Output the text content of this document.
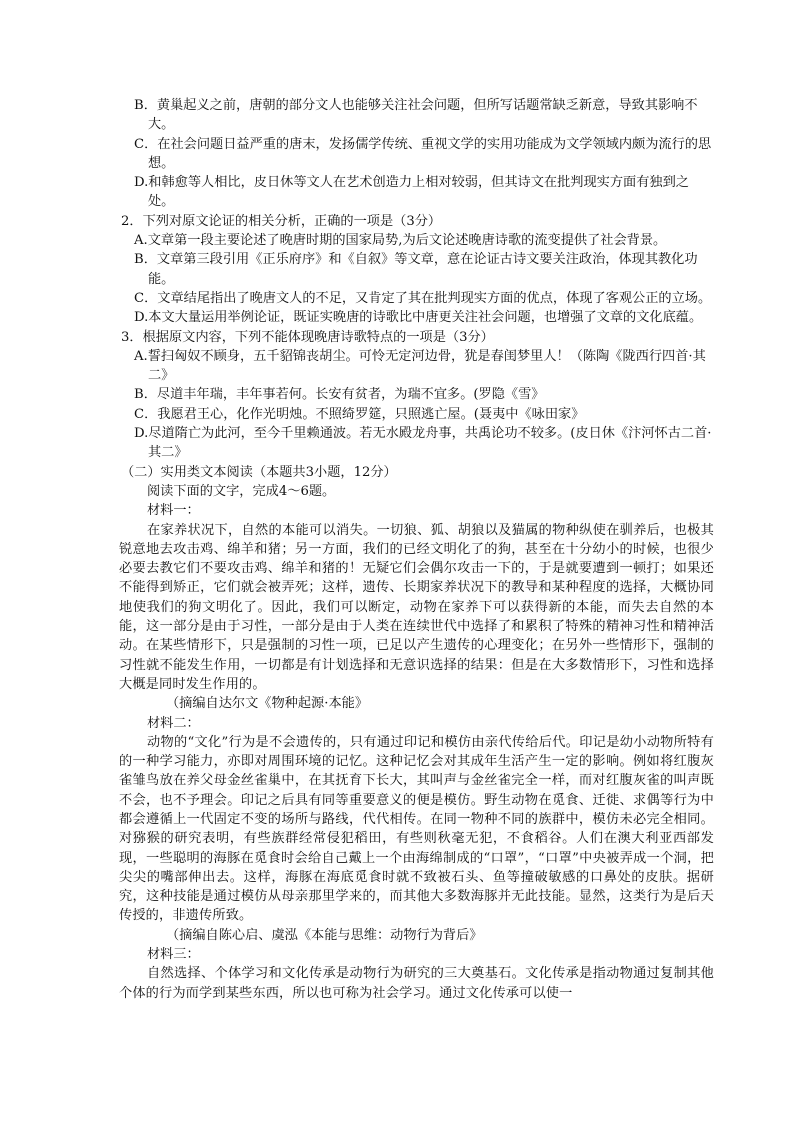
B．黄巢起义之前，唐朝的部分文人也能够关注社会问题，但所写话题常缺乏新意，导致其影响不大。
C．在社会问题日益严重的唐末，发扬儒学传统、重视文学的实用功能成为文学领域内颇为流行的思想。
D.和韩愈等人相比，皮日休等文人在艺术创造力上相对较弱，但其诗文在批判现实方面有独到之处。
2．下列对原文论证的相关分析，正确的一项是（3分）
A.文章第一段主要论述了晚唐时期的国家局势,为后文论述晚唐诗歌的流变提供了社会背景。
B．文章第三段引用《正乐府序》和《自叙》等文章，意在论证古诗文要关注政治，体现其教化功能。
C．文章结尾指出了晚唐文人的不足，又肯定了其在批判现实方面的优点，体现了客观公正的立场。
D.本文大量运用举例论证，既证实晚唐的诗歌比中唐更关注社会问题，也增强了文章的文化底蕴。
3．根据原文内容，下列不能体现晚唐诗歌特点的一项是（3分）
A.誓扫匈奴不顾身，五千貂锦丧胡尘。可怜无定河边骨，犹是春闺梦里人！（陈陶《陇西行四首·其二》
B．尽道丰年瑞，丰年事若何。长安有贫者，为瑞不宜多。(罗隐《雪》
C．我愿君王心，化作光明烛。不照绮罗筵，只照逃亡屋。(聂夷中《咏田家》
D.尽道隋亡为此河，至今千里赖通波。若无水殿龙舟事，共禹论功不较多。(皮日休《汴河怀古二首·其二》
（二）实用类文本阅读（本题共3小题，12分）
阅读下面的文字，完成4～6题。
材料一：
在家养状况下，自然的本能可以消失。一切狼、狐、胡狼以及猫属的物种纵使在驯养后，也极其锐意地去攻击鸡、绵羊和猪；另一方面，我们的已经文明化了的狗，甚至在十分幼小的时候，也很少必要去教它们不要攻击鸡、绵羊和猪的！无疑它们会偶尔攻击一下的，于是就要遭到一顿打；如果还不能得到矫正，它们就会被弄死；这样，遗传、长期家养状况下的教导和某种程度的选择，大概协同地使我们的狗文明化了。因此，我们可以断定，动物在家养下可以获得新的本能，而失去自然的本能，这一部分是由于习性，一部分是由于人类在连续世代中选择了和累积了特殊的精神习性和精神活动。在某些情形下，只是强制的习性一项，已足以产生遗传的心理变化；在另外一些情形下，强制的习性就不能发生作用，一切都是有计划选择和无意识选择的结果：但是在大多数情形下，习性和选择大概是同时发生作用的。
（摘编自达尔文《物种起源·本能》
材料二：
动物的“文化”行为是不会遗传的，只有通过印记和模仿由亲代传给后代。印记是幼小动物所特有的一种学习能力，亦即对周围环境的记忆。这种记忆会对其成年生活产生一定的影响。例如将红腹灰雀雏鸟放在养父母金丝雀巢中，在其抚育下长大，其叫声与金丝雀完全一样，而对红腹灰雀的叫声既不会，也不予理会。印记之后具有同等重要意义的便是模仿。野生动物在觅食、迁徙、求偶等行为中都会遵循上一代固定不变的场所与路线，代代相传。在同一物种不同的族群中，模仿未必完全相同。对猕猴的研究表明，有些族群经常侵犯稻田，有些则秋毫无犯，不食稻谷。人们在澳大利亚西部发现，一些聪明的海豚在觅食时会给自己戴上一个由海绵制成的“口罩”，“口罩”中央被弄成一个洞，把尖尖的嘴部伸出去。这样，海豚在海底觅食时就不致被石头、鱼等撞破敏感的口鼻处的皮肤。据研究，这种技能是通过模仿从母亲那里学来的，而其他大多数海豚并无此技能。显然，这类行为是后天传授的，非遗传所致。
（摘编自陈心启、虞泓《本能与思维：动物行为背后》
材料三：
自然选择、个体学习和文化传承是动物行为研究的三大奠基石。文化传承是指动物通过复制其他个体的行为而学到某些东西，所以也可称为社会学习。通过文化传承可以使一
